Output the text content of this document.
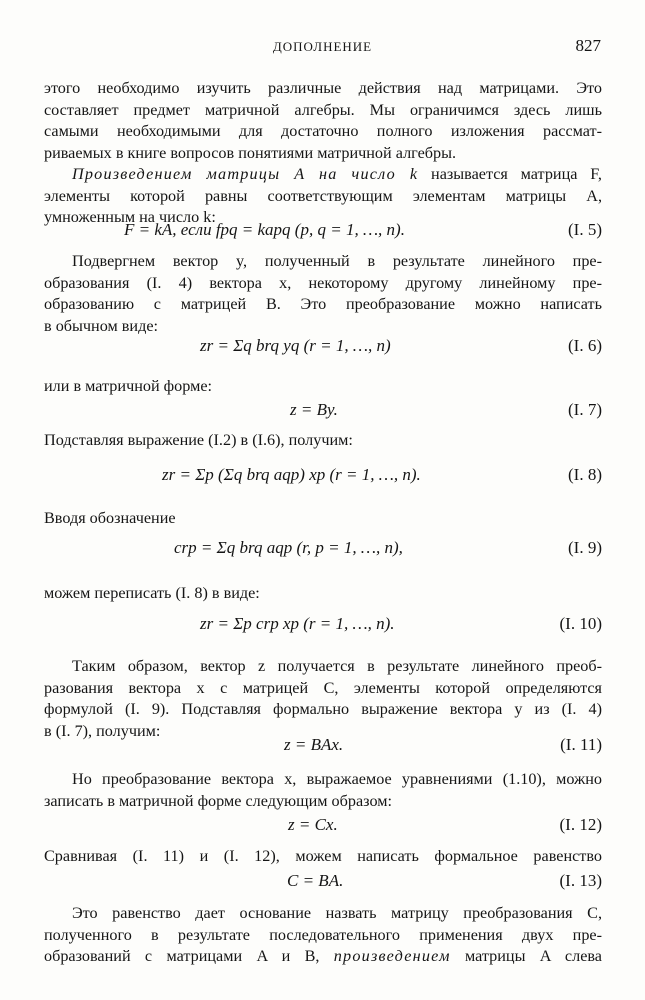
ДОПОЛНЕНИЕ	827
этого необходимо изучить различные действия над матрицами. Это
составляет предмет матричной алгебры. Мы ограничимся здесь лишь
самыми необходимыми для достаточно полного изложения рассмат-
риваемых в книге вопросов понятиями матричной алгебры.
Произведением матрицы A на число k называется матрица F,
элементы которой равны соответствующим элементам матрицы A,
умноженным на число k:
F = kA, если fpq = kapq (p, q = 1, …, n).	(I. 5)
Подвергнем вектор y, полученный в результате линейного пре-
образования (I. 4) вектора x, некоторому другому линейному пре-
образованию с матрицей B. Это преобразование можно написать
в обычном виде:
zr = Σq brq yq (r = 1, …, n)	(I. 6)
или в матричной форме:
z = By.	(I. 7)
Подставляя выражение (I.2) в (I.6), получим:
zr = Σp (Σq brq aqp) xp (r = 1, …, n).	(I. 8)
Вводя обозначение
crp = Σq brq aqp (r, p = 1, …, n),	(I. 9)
можем переписать (I. 8) в виде:
zr = Σp crp xp (r = 1, …, n).	(I. 10)
Таким образом, вектор z получается в результате линейного преоб-
разования вектора x с матрицей C, элементы которой определяются
формулой (I. 9). Подставляя формально выражение вектора y из (I. 4)
в (I. 7), получим:
z = BAx.	(I. 11)
Но преобразование вектора x, выражаемое уравнениями (1.10), можно
записать в матричной форме следующим образом:
z = Cx.	(I. 12)
Сравнивая (I. 11) и (I. 12), можем написать формальное равенство
C = BA.	(I. 13)
Это равенство дает основание назвать матрицу преобразования C,
полученного в результате последовательного применения двух пре-
образований с матрицами A и B, произведением матрицы A слева
